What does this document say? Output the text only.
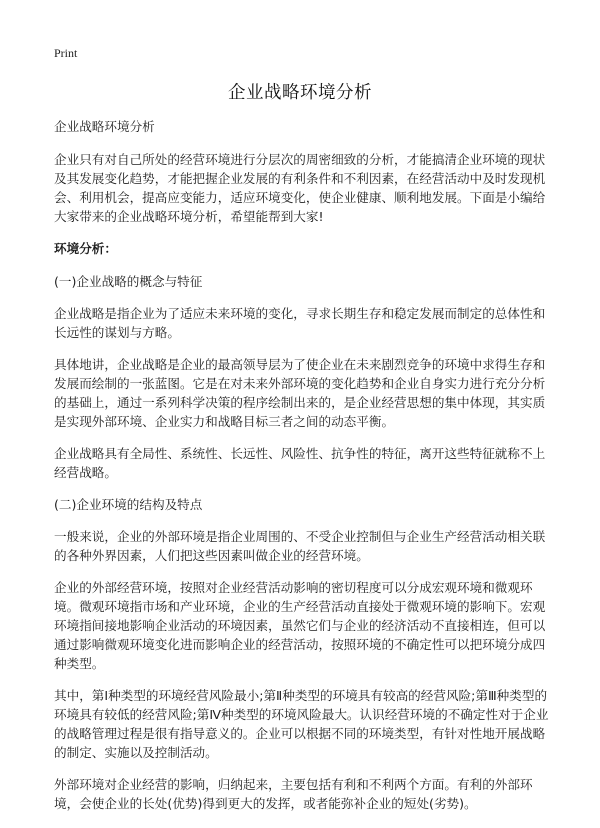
Print
企业战略环境分析

企业战略环境分析

企业只有对自己所处的经营环境进行分层次的周密细致的分析，才能搞清企业环境的现状及其发展变化趋势，才能把握企业发展的有利条件和不利因素，在经营活动中及时发现机会、利用机会，提高应变能力，适应环境变化，使企业健康、顺利地发展。下面是小编给大家带来的企业战略环境分析，希望能帮到大家!

环境分析：

(一)企业战略的概念与特征

企业战略是指企业为了适应未来环境的变化，寻求长期生存和稳定发展而制定的总体性和长远性的谋划与方略。

具体地讲，企业战略是企业的最高领导层为了使企业在未来剧烈竞争的环境中求得生存和发展而绘制的一张蓝图。它是在对未来外部环境的变化趋势和企业自身实力进行充分分析的基础上，通过一系列科学决策的程序绘制出来的，是企业经营思想的集中体现，其实质是实现外部环境、企业实力和战略目标三者之间的动态平衡。

企业战略具有全局性、系统性、长远性、风险性、抗争性的特征，离开这些特征就称不上经营战略。

(二)企业环境的结构及特点

一般来说，企业的外部环境是指企业周围的、不受企业控制但与企业生产经营活动相关联的各种外界因素，人们把这些因素叫做企业的经营环境。

企业的外部经营环境，按照对企业经营活动影响的密切程度可以分成宏观环境和微观环境。微观环境指市场和产业环境，企业的生产经营活动直接处于微观环境的影响下。宏观环境指间接地影响企业活动的环境因素，虽然它们与企业的经济活动不直接相连，但可以通过影响微观环境变化进而影响企业的经营活动，按照环境的不确定性可以把环境分成四种类型。

其中，第Ⅰ种类型的环境经营风险最小;第Ⅱ种类型的环境具有较高的经营风险;第Ⅲ种类型的环境具有较低的经营风险;第Ⅳ种类型的环境风险最大。认识经营环境的不确定性对于企业的战略管理过程是很有指导意义的。企业可以根据不同的环境类型，有针对性地开展战略的制定、实施以及控制活动。

外部环境对企业经营的影响，归纳起来，主要包括有利和不利两个方面。有利的外部环境，会使企业的长处(优势)得到更大的发挥，或者能弥补企业的短处(劣势)。
